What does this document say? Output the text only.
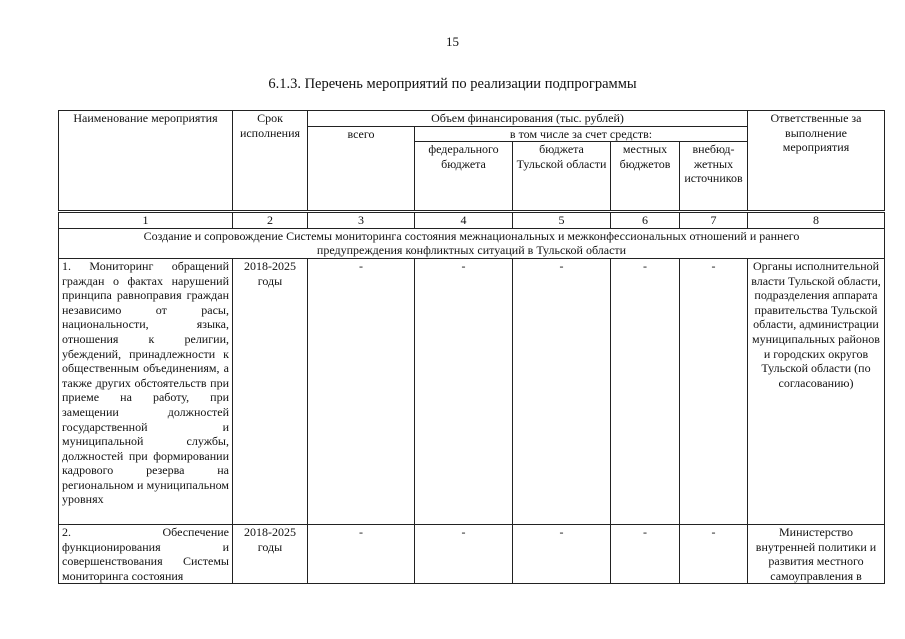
15
6.1.3. Перечень мероприятий по реализации подпрограммы
Наименование мероприятия	Срок исполнения	Объем финансирования (тыс. рублей)					Ответственные за выполнение мероприятия
		всего	в том числе за счет средств:				
			федерального бюджета	бюджета Тульской области	местных бюджетов	внебюд-жетных источников	
1	2	3	4	5	6	7	8
Создание и сопровождение Системы мониторинга состояния межнациональных и межконфессиональных отношений и раннего предупреждения конфликтных ситуаций в Тульской области							
1. Мониторинг обращений граждан о фактах нарушений принципа равноправия граждан независимо от расы, национальности, языка, отношения к религии, убеждений, принадлежности к общественным объединениям, а также других обстоятельств при приеме на работу, при замещении должностей государственной и муниципальной службы, должностей при формировании кадрового резерва на региональном и муниципальном уровнях	2018-2025 годы	-	-	-	-	-	Органы исполнительной власти Тульской области, подразделения аппарата правительства Тульской области, администрации муниципальных районов и городских округов Тульской области (по согласованию)
2. Обеспечение функционирования и совершенствования Системы мониторинга состояния	2018-2025 годы	-	-	-	-	-	Министерство внутренней политики и развития местного самоуправления в
